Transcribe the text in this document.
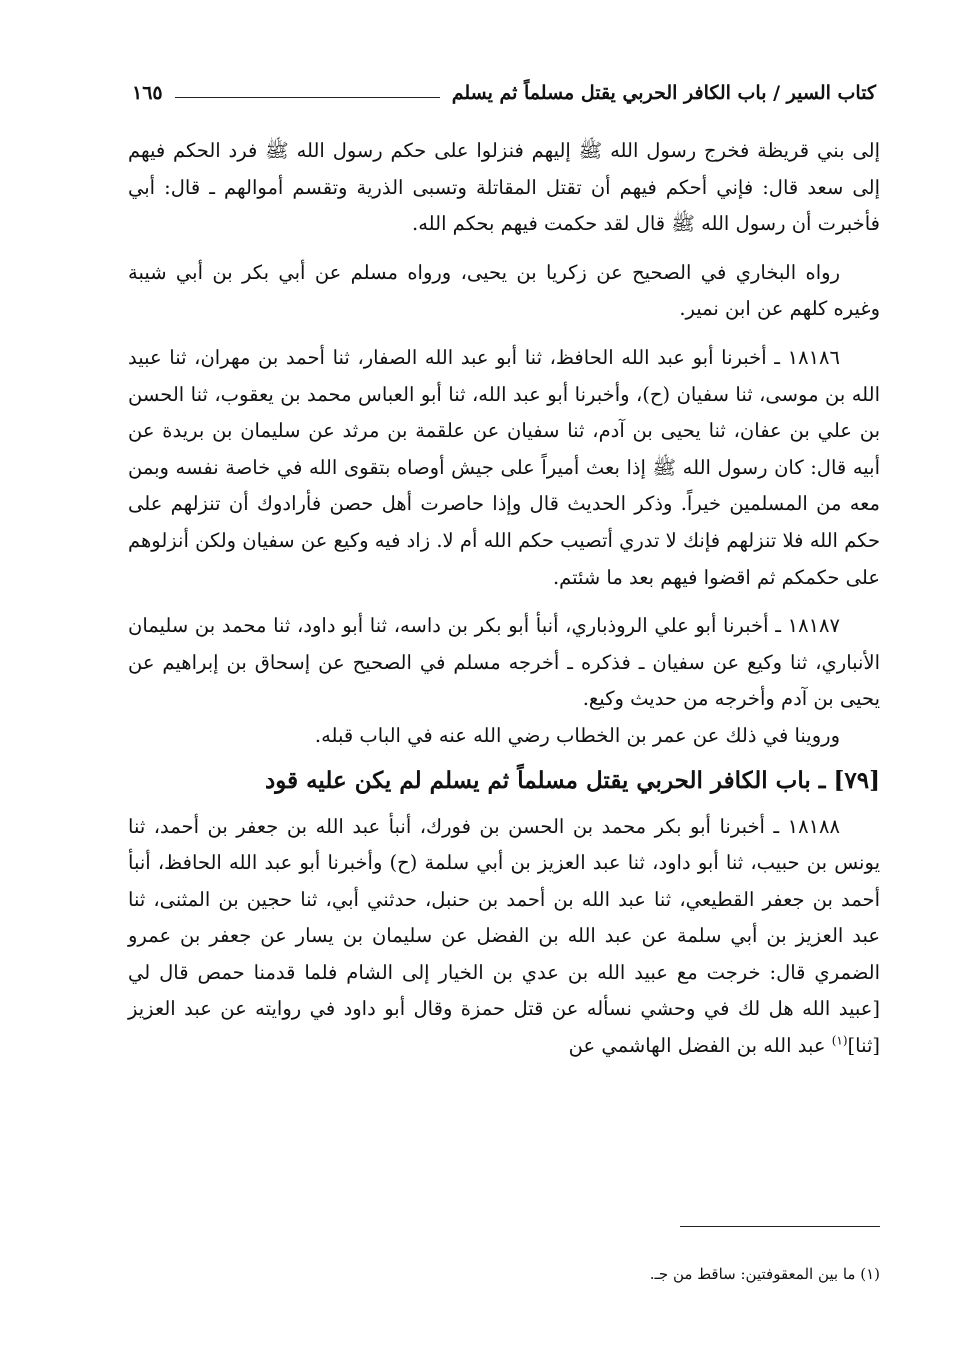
كتاب السير / باب الكافر الحربي يقتل مسلماً ثم يسلم
١٦٥

إلى بني قريظة فخرج رسول الله ﷺ إليهم فنزلوا على حكم رسول الله ﷺ فرد الحكم فيهم إلى سعد قال: فإني أحكم فيهم أن تقتل المقاتلة وتسبى الذرية وتقسم أموالهم ـ قال: أبي فأخبرت أن رسول الله ﷺ قال لقد حكمت فيهم بحكم الله.

رواه البخاري في الصحيح عن زكريا بن يحيى، ورواه مسلم عن أبي بكر بن أبي شيبة وغيره كلهم عن ابن نمير.

١٨١٨٦ ـ أخبرنا أبو عبد الله الحافظ، ثنا أبو عبد الله الصفار، ثنا أحمد بن مهران، ثنا عبيد الله بن موسى، ثنا سفيان (ح)، وأخبرنا أبو عبد الله، ثنا أبو العباس محمد بن يعقوب، ثنا الحسن بن علي بن عفان، ثنا يحيى بن آدم، ثنا سفيان عن علقمة بن مرثد عن سليمان بن بريدة عن أبيه قال: كان رسول الله ﷺ إذا بعث أميراً على جيش أوصاه بتقوى الله في خاصة نفسه وبمن معه من المسلمين خيراً. وذكر الحديث قال وإذا حاصرت أهل حصن فأرادوك أن تنزلهم على حكم الله فلا تنزلهم فإنك لا تدري أتصيب حكم الله أم لا. زاد فيه وكيع عن سفيان ولكن أنزلوهم على حكمكم ثم اقضوا فيهم بعد ما شئتم.

١٨١٨٧ ـ أخبرنا أبو علي الروذباري، أنبأ أبو بكر بن داسه، ثنا أبو داود، ثنا محمد بن سليمان الأنباري، ثنا وكيع عن سفيان ـ فذكره ـ أخرجه مسلم في الصحيح عن إسحاق بن إبراهيم عن يحيى بن آدم وأخرجه من حديث وكيع.

وروينا في ذلك عن عمر بن الخطاب رضي الله عنه في الباب قبله.

[٧٩] ـ باب الكافر الحربي يقتل مسلماً ثم يسلم لم يكن عليه قود

١٨١٨٨ ـ أخبرنا أبو بكر محمد بن الحسن بن فورك، أنبأ عبد الله بن جعفر بن أحمد، ثنا يونس بن حبيب، ثنا أبو داود، ثنا عبد العزيز بن أبي سلمة (ح) وأخبرنا أبو عبد الله الحافظ، أنبأ أحمد بن جعفر القطيعي، ثنا عبد الله بن أحمد بن حنبل، حدثني أبي، ثنا حجين بن المثنى، ثنا عبد العزيز بن أبي سلمة عن عبد الله بن الفضل عن سليمان بن يسار عن جعفر بن عمرو الضمري قال: خرجت مع عبيد الله بن عدي بن الخيار إلى الشام فلما قدمنا حمص قال لي [عبيد الله هل لك في وحشي نسأله عن قتل حمزة وقال أبو داود في روايته عن عبد العزيز [ثنا]$^{(١)}$ عبد الله بن الفضل الهاشمي عن

(١) ما بين المعقوفتين: ساقط من جـ.
